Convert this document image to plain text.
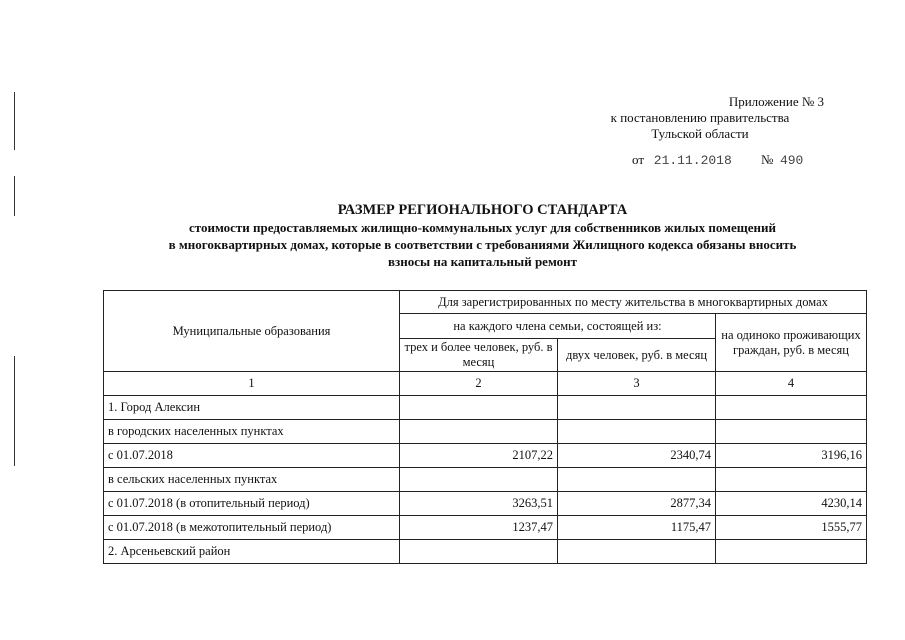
Приложение № 3
к постановлению правительства
Тульской области
от 21.11.2018 № 490
РАЗМЕР РЕГИОНАЛЬНОГО СТАНДАРТА
стоимости предоставляемых жилищно-коммунальных услуг для собственников жилых помещений
в многоквартирных домах, которые в соответствии с требованиями Жилищного кодекса обязаны вносить
взносы на капитальный ремонт
Муниципальные образования	Для зарегистрированных по месту жительства в многоквартирных домах		
	на каждого члена семьи, состоящей из:		на одиноко проживающих граждан, руб. в месяц
	трех и более человек, руб. в месяц	двух человек, руб. в месяц	
1	2	3	4
1. Город Алексин			
в городских населенных пунктах			
с 01.07.2018	2107,22	2340,74	3196,16
в сельских населенных пунктах			
с 01.07.2018 (в отопительный период)	3263,51	2877,34	4230,14
с 01.07.2018 (в межотопительный период)	1237,47	1175,47	1555,77
2. Арсеньевский район			
